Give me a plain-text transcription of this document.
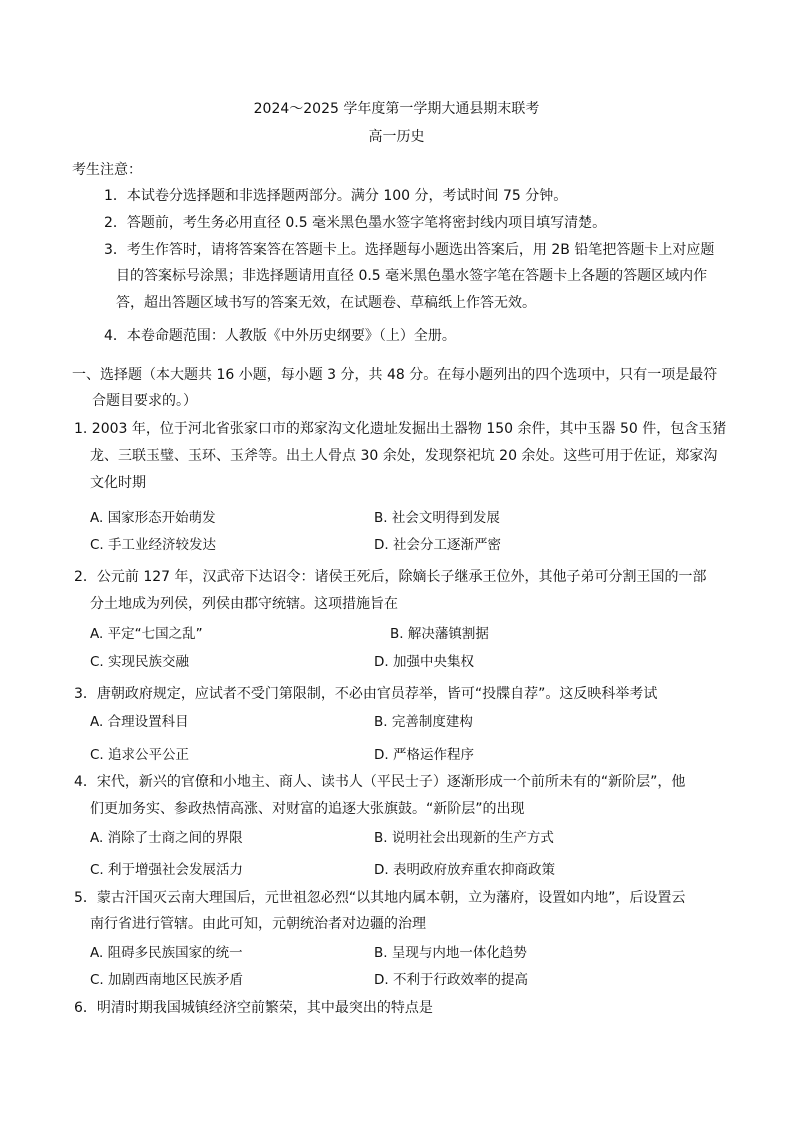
2024～2025 学年度第一学期大通县期末联考
高一历史
考生注意：
1．本试卷分选择题和非选择题两部分。满分 100 分，考试时间 75 分钟。
2．答题前，考生务必用直径 0.5 毫米黑色墨水签字笔将密封线内项目填写清楚。
3．考生作答时，请将答案答在答题卡上。选择题每小题选出答案后，用 2B 铅笔把答题卡上对应题
目的答案标号涂黑；非选择题请用直径 0.5 毫米黑色墨水签字笔在答题卡上各题的答题区域内作
答，超出答题区域书写的答案无效，在试题卷、草稿纸上作答无效。
4．本卷命题范围：人教版《中外历史纲要》（上）全册。
一、选择题（本大题共 16 小题，每小题 3 分，共 48 分。在每小题列出的四个选项中，只有一项是最符
合题目要求的。）
1. 2003 年，位于河北省张家口市的郑家沟文化遗址发掘出土器物 150 余件，其中玉器 50 件，包含玉猪
龙、三联玉璧、玉环、玉斧等。出土人骨点 30 余处，发现祭祀坑 20 余处。这些可用于佐证，郑家沟
文化时期
A. 国家形态开始萌发	B. 社会文明得到发展
C. 手工业经济较发达	D. 社会分工逐渐严密
2．公元前 127 年，汉武帝下达诏令：诸侯王死后，除嫡长子继承王位外，其他子弟可分割王国的一部
分土地成为列侯，列侯由郡守统辖。这项措施旨在
A. 平定“七国之乱”	B. 解决藩镇割据
C. 实现民族交融	D. 加强中央集权
3．唐朝政府规定，应试者不受门第限制，不必由官员荐举，皆可“投牒自荐”。这反映科举考试
A. 合理设置科目	B. 完善制度建构
C. 追求公平公正	D. 严格运作程序
4．宋代，新兴的官僚和小地主、商人、读书人（平民士子）逐渐形成一个前所未有的“新阶层”，他
们更加务实、参政热情高涨、对财富的追逐大张旗鼓。“新阶层”的出现
A. 消除了士商之间的界限	B. 说明社会出现新的生产方式
C. 利于增强社会发展活力	D. 表明政府放弃重农抑商政策
5．蒙古汗国灭云南大理国后，元世祖忽必烈“以其地内属本朝，立为藩府，设置如内地”，后设置云
南行省进行管辖。由此可知，元朝统治者对边疆的治理
A. 阻碍多民族国家的统一	B. 呈现与内地一体化趋势
C. 加剧西南地区民族矛盾	D. 不利于行政效率的提高
6．明清时期我国城镇经济空前繁荣，其中最突出的特点是
